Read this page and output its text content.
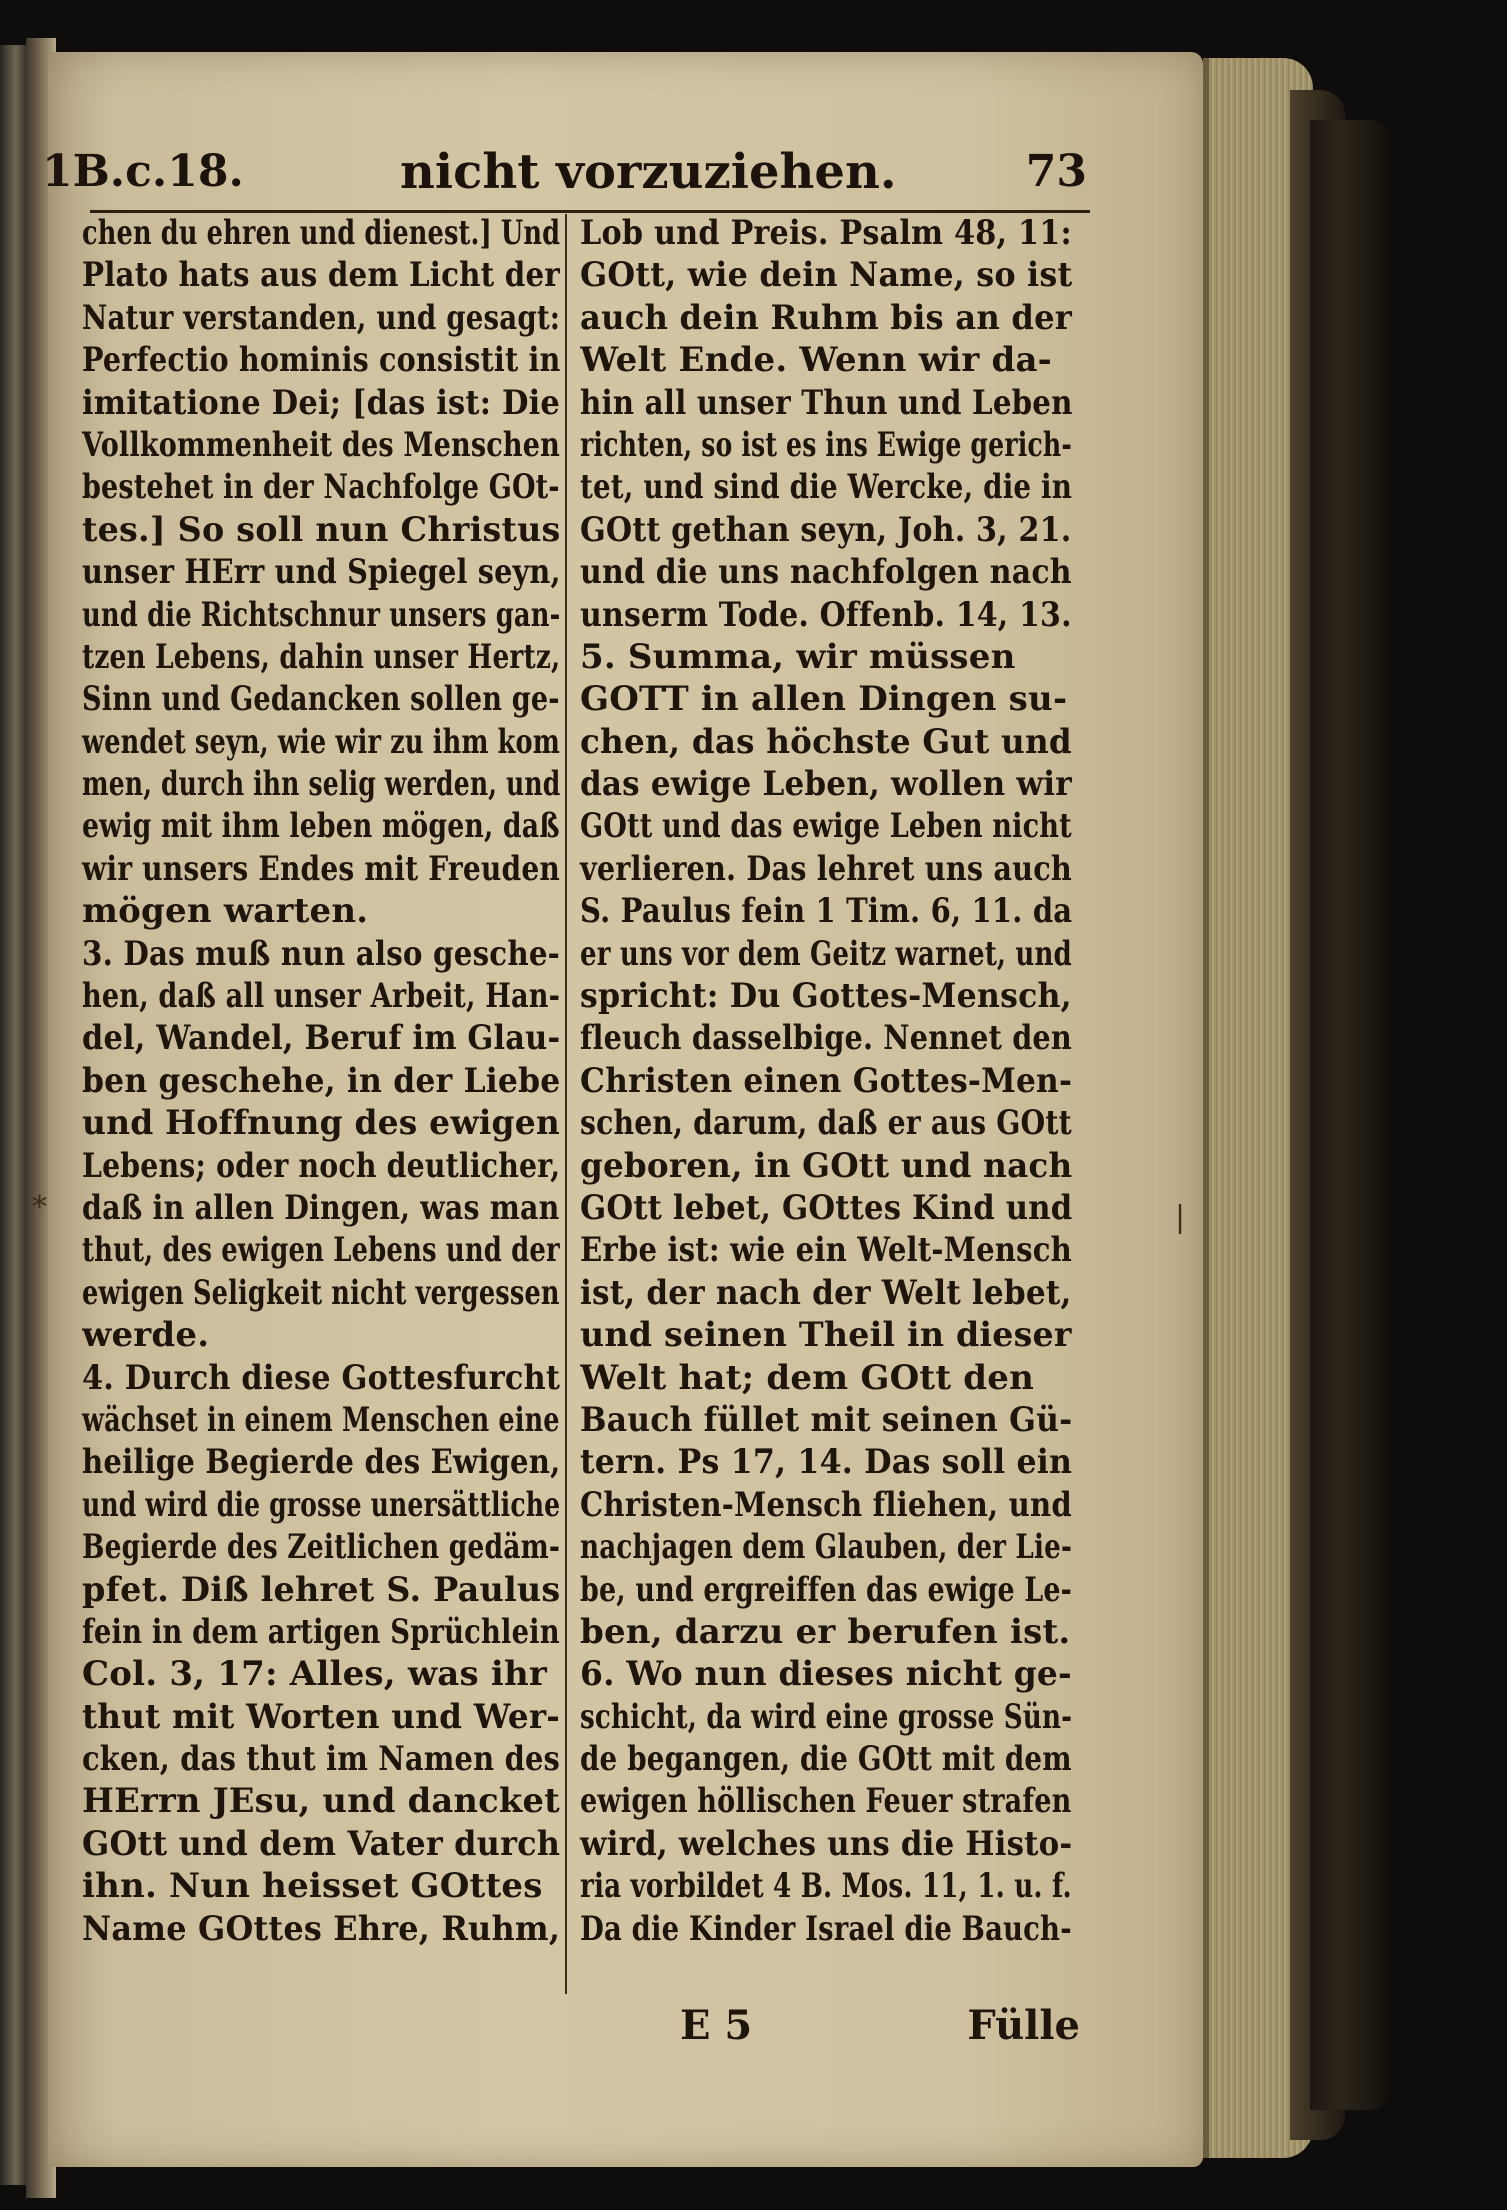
1B.c.18.	nicht vorzuziehen.	73
chen du ehren und dienest.] Und
Plato hats aus dem Licht der
Natur verstanden, und gesagt:
Perfectio hominis consistit in
imitatione Dei; [das ist: Die
Vollkommenheit des Menschen
bestehet in der Nachfolge GOt-
tes.] So soll nun Christus
unser HErr und Spiegel seyn,
und die Richtschnur unsers gan-
tzen Lebens, dahin unser Hertz,
Sinn und Gedancken sollen ge-
wendet seyn, wie wir zu ihm kom
men, durch ihn selig werden, und
ewig mit ihm leben mögen, daß
wir unsers Endes mit Freuden
mögen warten.
3. Das muß nun also gesche-
hen, daß all unser Arbeit, Han-
del, Wandel, Beruf im Glau-
ben geschehe, in der Liebe
und Hoffnung des ewigen
Lebens; oder noch deutlicher,
daß in allen Dingen, was man
thut, des ewigen Lebens und der
ewigen Seligkeit nicht vergessen
werde.
4. Durch diese Gottesfurcht
wächset in einem Menschen eine
heilige Begierde des Ewigen,
und wird die grosse unersättliche
Begierde des Zeitlichen gedäm-
pfet. Diß lehret S. Paulus
fein in dem artigen Sprüchlein
Col. 3, 17: Alles, was ihr
thut mit Worten und Wer-
cken, das thut im Namen des
HErrn JEsu, und dancket
GOtt und dem Vater durch
ihn. Nun heisset GOttes
Name GOttes Ehre, Ruhm,
Lob und Preis. Psalm 48, 11:
GOtt, wie dein Name, so ist
auch dein Ruhm bis an der
Welt Ende. Wenn wir da-
hin all unser Thun und Leben
richten, so ist es ins Ewige gerich-
tet, und sind die Wercke, die in
GOtt gethan seyn, Joh. 3, 21.
und die uns nachfolgen nach
unserm Tode. Offenb. 14, 13.
5. Summa, wir müssen
GOTT in allen Dingen su-
chen, das höchste Gut und
das ewige Leben, wollen wir
GOtt und das ewige Leben nicht
verlieren. Das lehret uns auch
S. Paulus fein 1 Tim. 6, 11. da
er uns vor dem Geitz warnet, und
spricht: Du Gottes-Mensch,
fleuch dasselbige. Nennet den
Christen einen Gottes-Men-
schen, darum, daß er aus GOtt
geboren, in GOtt und nach
GOtt lebet, GOttes Kind und
Erbe ist: wie ein Welt-Mensch
ist, der nach der Welt lebet,
und seinen Theil in dieser
Welt hat; dem GOtt den
Bauch füllet mit seinen Gü-
tern. Ps 17, 14. Das soll ein
Christen-Mensch fliehen, und
nachjagen dem Glauben, der Lie-
be, und ergreiffen das ewige Le-
ben, darzu er berufen ist.
6. Wo nun dieses nicht ge-
schicht, da wird eine grosse Sün-
de begangen, die GOtt mit dem
ewigen höllischen Feuer strafen
wird, welches uns die Histo-
ria vorbildet 4 B. Mos. 11, 1. u. f.
Da die Kinder Israel die Bauch-
*	|
E 5	Fülle
